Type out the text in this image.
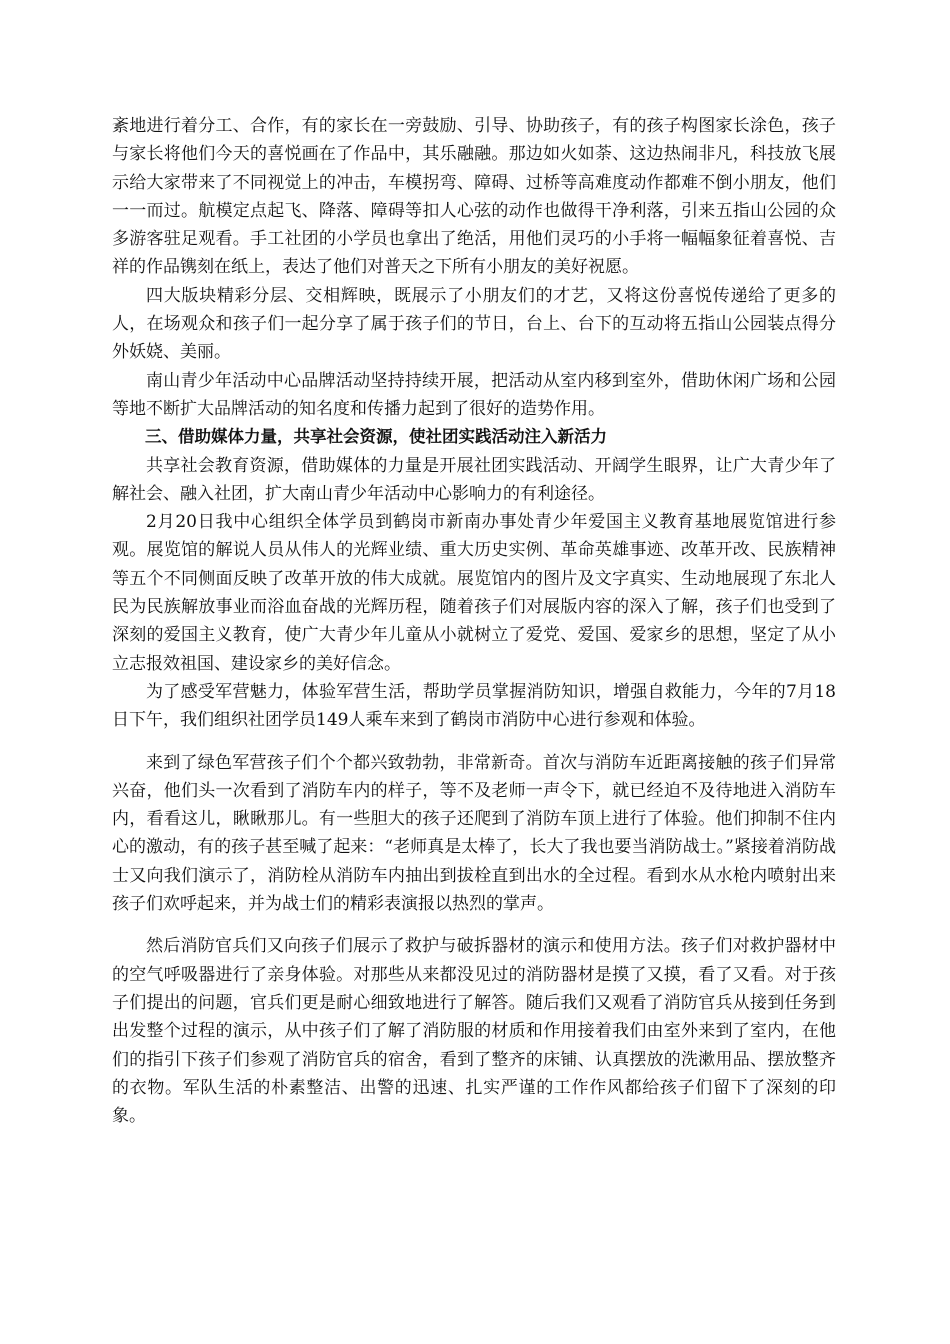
紊地进行着分工、合作，有的家长在一旁鼓励、引导、协助孩子，有的孩子构图家长涂色，孩子与家长将他们今天的喜悦画在了作品中，其乐融融。那边如火如荼、这边热闹非凡，科技放飞展示给大家带来了不同视觉上的冲击，车模拐弯、障碍、过桥等高难度动作都难不倒小朋友，他们一一而过。航模定点起飞、降落、障碍等扣人心弦的动作也做得干净利落，引来五指山公园的众多游客驻足观看。手工社团的小学员也拿出了绝活，用他们灵巧的小手将一幅幅象征着喜悦、吉祥的作品镌刻在纸上，表达了他们对普天之下所有小朋友的美好祝愿。

四大版块精彩分层、交相辉映，既展示了小朋友们的才艺，又将这份喜悦传递给了更多的人，在场观众和孩子们一起分享了属于孩子们的节日，台上、台下的互动将五指山公园装点得分外妖娆、美丽。

南山青少年活动中心品牌活动坚持持续开展，把活动从室内移到室外，借助休闲广场和公园等地不断扩大品牌活动的知名度和传播力起到了很好的造势作用。

三、借助媒体力量，共享社会资源，使社团实践活动注入新活力

共享社会教育资源，借助媒体的力量是开展社团实践活动、开阔学生眼界，让广大青少年了解社会、融入社团，扩大南山青少年活动中心影响力的有利途径。

2月20日我中心组织全体学员到鹤岗市新南办事处青少年爱国主义教育基地展览馆进行参观。展览馆的解说人员从伟人的光辉业绩、重大历史实例、革命英雄事迹、改革开改、民族精神等五个不同侧面反映了改革开放的伟大成就。展览馆内的图片及文字真实、生动地展现了东北人民为民族解放事业而浴血奋战的光辉历程，随着孩子们对展版内容的深入了解，孩子们也受到了深刻的爱国主义教育，使广大青少年儿童从小就树立了爱党、爱国、爱家乡的思想，坚定了从小立志报效祖国、建设家乡的美好信念。

为了感受军营魅力，体验军营生活，帮助学员掌握消防知识，增强自救能力，今年的7月18日下午，我们组织社团学员149人乘车来到了鹤岗市消防中心进行参观和体验。

来到了绿色军营孩子们个个都兴致勃勃，非常新奇。首次与消防车近距离接触的孩子们异常兴奋，他们头一次看到了消防车内的样子，等不及老师一声令下，就已经迫不及待地进入消防车内，看看这儿，瞅瞅那儿。有一些胆大的孩子还爬到了消防车顶上进行了体验。他们抑制不住内心的激动，有的孩子甚至喊了起来：“老师真是太棒了，长大了我也要当消防战士。”紧接着消防战士又向我们演示了，消防栓从消防车内抽出到拔栓直到出水的全过程。看到水从水枪内喷射出来孩子们欢呼起来，并为战士们的精彩表演报以热烈的掌声。

然后消防官兵们又向孩子们展示了救护与破拆器材的演示和使用方法。孩子们对救护器材中的空气呼吸器进行了亲身体验。对那些从来都没见过的消防器材是摸了又摸，看了又看。对于孩子们提出的问题，官兵们更是耐心细致地进行了解答。随后我们又观看了消防官兵从接到任务到出发整个过程的演示，从中孩子们了解了消防服的材质和作用接着我们由室外来到了室内，在他们的指引下孩子们参观了消防官兵的宿舍，看到了整齐的床铺、认真摆放的洗漱用品、摆放整齐的衣物。军队生活的朴素整洁、出警的迅速、扎实严谨的工作作风都给孩子们留下了深刻的印象。
